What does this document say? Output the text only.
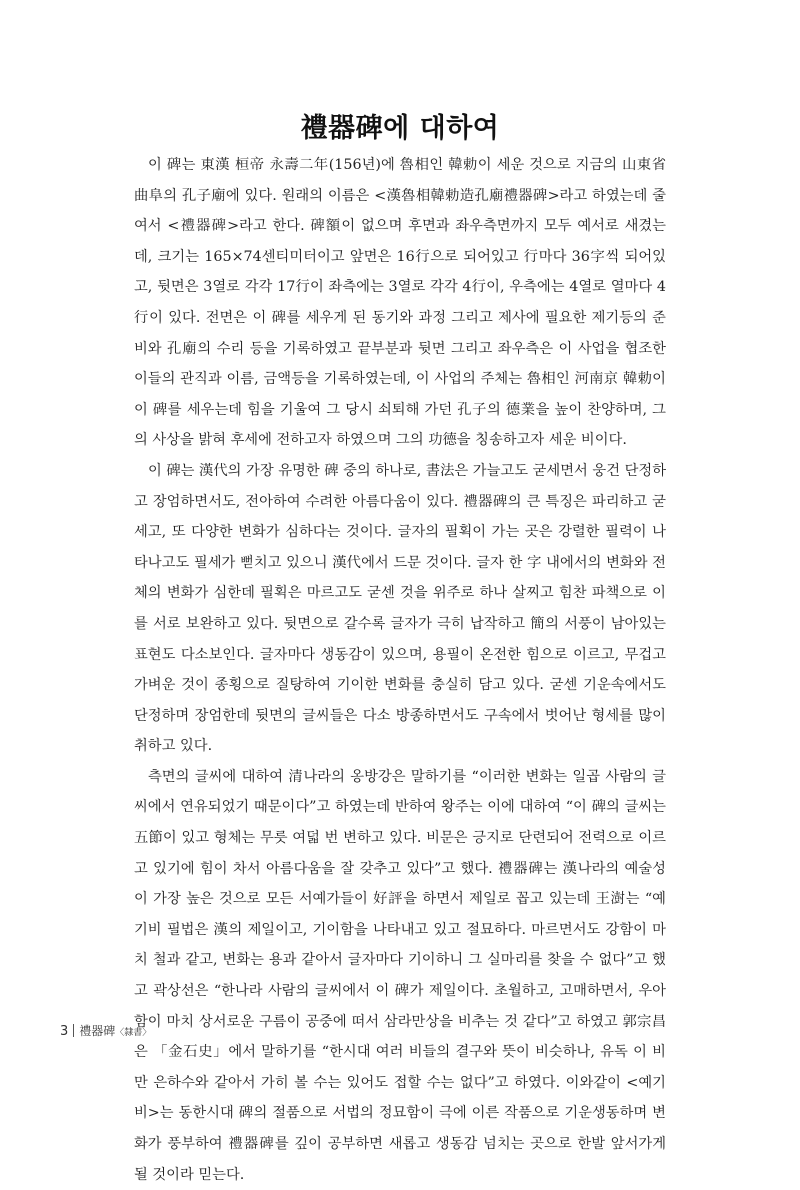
禮器碑에 대하여

이 碑는 東漢 桓帝 永壽二年(156년)에 魯相인 韓勅이 세운 것으로 지금의 山東省 曲阜의 孔子廟에 있다. 원래의 이름은 <漢魯相韓勅造孔廟禮器碑>라고 하였는데 줄여서 <禮器碑>라고 한다. 碑額이 없으며 후면과 좌우측면까지 모두 예서로 새겼는데, 크기는 165×74센티미터이고 앞면은 16行으로 되어있고 行마다 36字씩 되어있고, 뒷면은 3열로 각각 17行이 좌측에는 3열로 각각 4行이, 우측에는 4열로 열마다 4行이 있다. 전면은 이 碑를 세우게 된 동기와 과정 그리고 제사에 필요한 제기등의 준비와 孔廟의 수리 등을 기록하였고 끝부분과 뒷면 그리고 좌우측은 이 사업을 협조한 이들의 관직과 이름, 금액등을 기록하였는데, 이 사업의 주체는 魯相인 河南京 韓勅이 이 碑를 세우는데 힘을 기울여 그 당시 쇠퇴해 가던 孔子의 德業을 높이 찬양하며, 그의 사상을 밝혀 후세에 전하고자 하였으며 그의 功德을 칭송하고자 세운 비이다.

이 碑는 漢代의 가장 유명한 碑 중의 하나로, 書法은 가늘고도 굳세면서 웅건 단정하고 장엄하면서도, 전아하여 수려한 아름다움이 있다. 禮器碑의 큰 특징은 파리하고 굳세고, 또 다양한 변화가 심하다는 것이다. 글자의 필획이 가는 곳은 강렬한 필력이 나타나고도 필세가 뻗치고 있으니 漢代에서 드문 것이다. 글자 한 字 내에서의 변화와 전체의 변화가 심한데 필획은 마르고도 굳센 것을 위주로 하나 살찌고 힘찬 파책으로 이를 서로 보완하고 있다. 뒷면으로 갈수록 글자가 극히 납작하고 簡의 서풍이 남아있는 표현도 다소보인다. 글자마다 생동감이 있으며, 용필이 온전한 힘으로 이르고, 무겁고 가벼운 것이 종횡으로 질탕하여 기이한 변화를 충실히 담고 있다. 굳센 기운속에서도 단정하며 장엄한데 뒷면의 글씨들은 다소 방종하면서도 구속에서 벗어난 형세를 많이 취하고 있다.

측면의 글씨에 대하여 清나라의 옹방강은 말하기를 “이러한 변화는 일곱 사람의 글씨에서 연유되었기 때문이다”고 하였는데 반하여 왕주는 이에 대하여 “이 碑의 글씨는 五節이 있고 형체는 무릇 여덟 번 변하고 있다. 비문은 긍지로 단련되어 전력으로 이르고 있기에 힘이 차서 아름다움을 잘 갖추고 있다”고 했다. 禮器碑는 漢나라의 예술성이 가장 높은 것으로 모든 서예가들이 好評을 하면서 제일로 꼽고 있는데 王澍는 “예기비 필법은 漢의 제일이고, 기이함을 나타내고 있고 절묘하다. 마르면서도 강함이 마치 철과 같고, 변화는 용과 같아서 글자마다 기이하니 그 실마리를 찾을 수 없다”고 했고 곽상선은 “한나라 사람의 글씨에서 이 碑가 제일이다. 초월하고, 고매하면서, 우아함이 마치 상서로운 구름이 공중에 떠서 삼라만상을 비추는 것 같다”고 하였고 郭宗昌은 「金石史」에서 말하기를 “한시대 여러 비들의 결구와 뜻이 비슷하나, 유독 이 비만 은하수와 같아서 가히 볼 수는 있어도 접할 수는 없다”고 하였다. 이와같이 <예기비>는 동한시대 碑의 절품으로 서법의 정묘함이 극에 이른 작품으로 기운생동하며 변화가 풍부하여 禮器碑를 깊이 공부하면 새롭고 생동감 넘치는 곳으로 한발 앞서가게 될 것이라 믿는다.

3 禮器碑〈隸書〉
